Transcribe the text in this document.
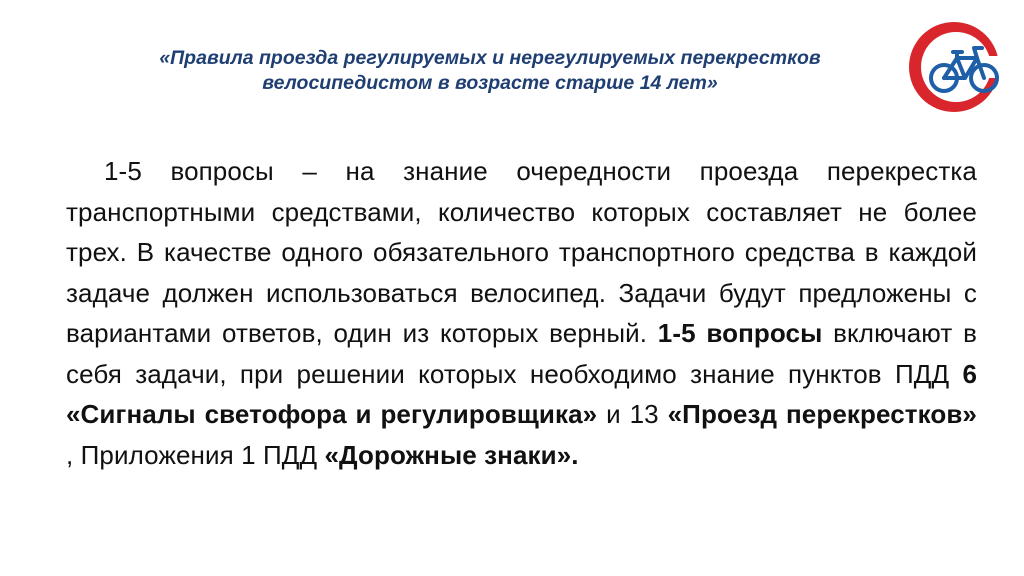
«Правила проезда регулируемых и нерегулируемых перекрестков
велосипедистом в возрасте старше 14 лет»

1-5 вопросы – на знание очередности проезда перекрестка транспортными средствами, количество которых составляет не более трех. В качестве одного обязательного транспортного средства в каждой задаче должен использоваться велосипед. Задачи будут предложены с вариантами ответов, один из которых верный. 1-5 вопросы включают в себя задачи, при решении которых необходимо знание пунктов ПДД 6 «Сигналы светофора и регулировщика» и 13 «Проезд перекрестков» , Приложения 1 ПДД «Дорожные знаки».
